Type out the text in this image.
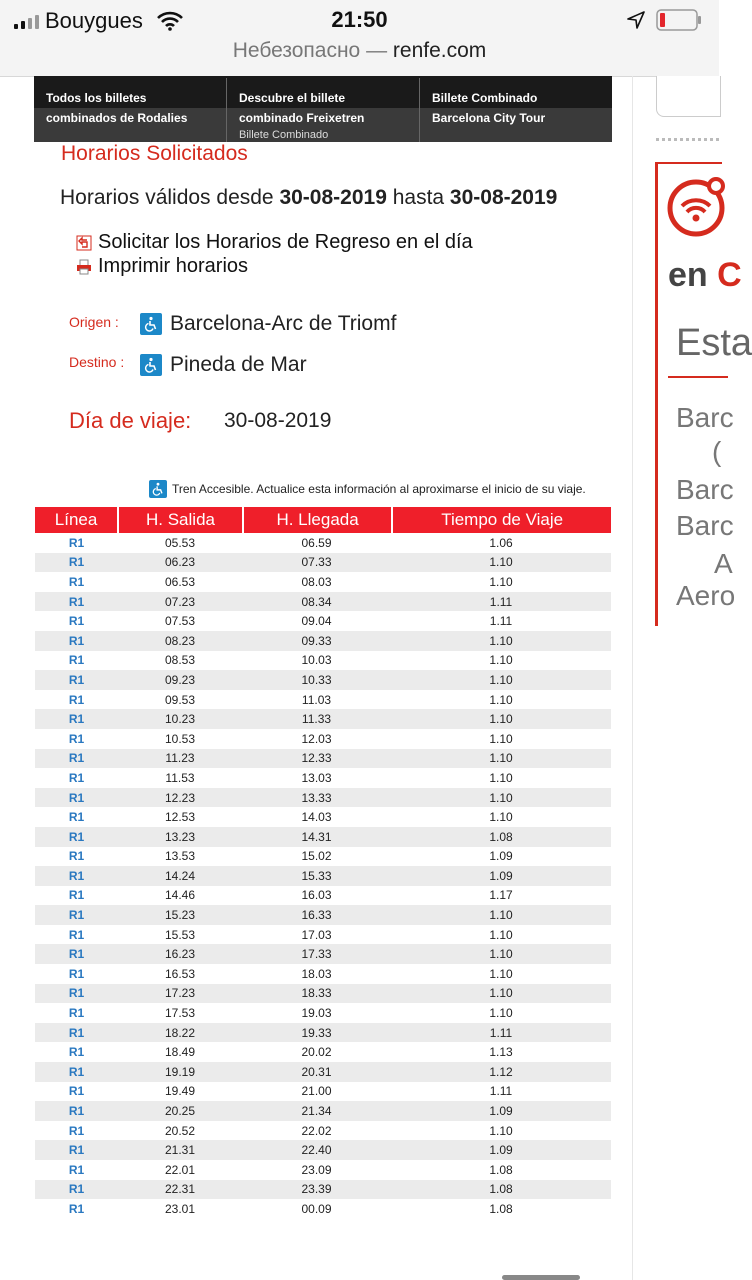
Bouygues	21:50
Небезопасно — renfe.com
Todos los billetes
combinados de Rodalies
Descubre el billete
combinado Freixetren
Billete Combinado
Billete Combinado
Barcelona City Tour
Horarios Solicitados
Horarios válidos desde 30-08-2019 hasta 30-08-2019
Solicitar los Horarios de Regreso en el día
Imprimir horarios
Origen : Barcelona-Arc de Triomf
Destino : Pineda de Mar
Día de viaje: 30-08-2019
Tren Accesible. Actualice esta información al aproximarse el inicio de su viaje.
Línea	H. Salida	H. Llegada	Tiempo de Viaje
R1	05.53	06.59	1.06
R1	06.23	07.33	1.10
R1	06.53	08.03	1.10
R1	07.23	08.34	1.11
R1	07.53	09.04	1.11
R1	08.23	09.33	1.10
R1	08.53	10.03	1.10
R1	09.23	10.33	1.10
R1	09.53	11.03	1.10
R1	10.23	11.33	1.10
R1	10.53	12.03	1.10
R1	11.23	12.33	1.10
R1	11.53	13.03	1.10
R1	12.23	13.33	1.10
R1	12.53	14.03	1.10
R1	13.23	14.31	1.08
R1	13.53	15.02	1.09
R1	14.24	15.33	1.09
R1	14.46	16.03	1.17
R1	15.23	16.33	1.10
R1	15.53	17.03	1.10
R1	16.23	17.33	1.10
R1	16.53	18.03	1.10
R1	17.23	18.33	1.10
R1	17.53	19.03	1.10
R1	18.22	19.33	1.11
R1	18.49	20.02	1.13
R1	19.19	20.31	1.12
R1	19.49	21.00	1.11
R1	20.25	21.34	1.09
R1	20.52	22.02	1.10
R1	21.31	22.40	1.09
R1	22.01	23.09	1.08
R1	22.31	23.39	1.08
R1	23.01	00.09	1.08
en C
Esta
Barc
(
Barc
Barc
A
Aero
